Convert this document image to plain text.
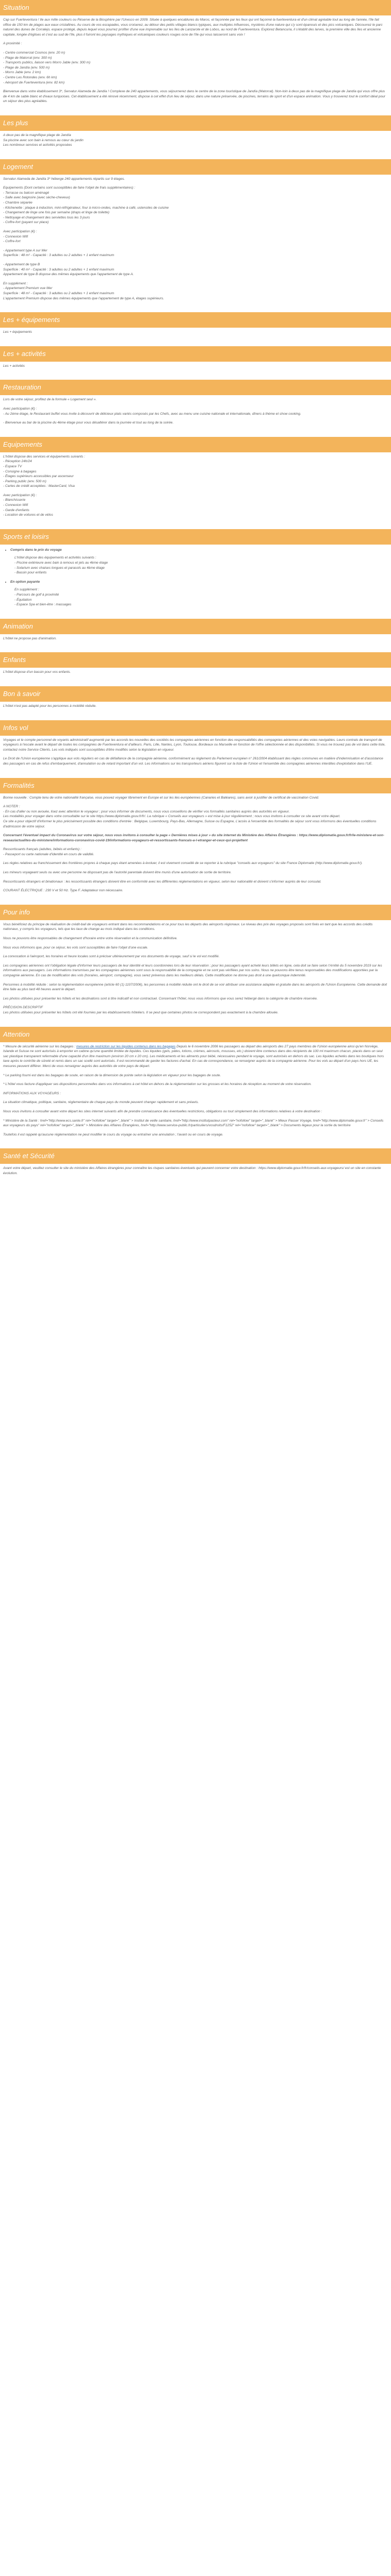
Situation

Cap sur Fuerteventura ! Ile aux mille couleurs ou Réserve de la Biosphère par l'Unesco en 2009. Située à quelques encablures du Maroc, et façonnée par les feux qui ont façonné la fuerteventura et d'un climat agréable tout au long de l'année, l'île fait office de 150 km de plages aux eaux cristallines. Au cours de vos escapades, vous croiserez, au détour des petits villages blancs typiques, aux multiples influences, mystères d'une nature qui s'y sont épanouis et des pics volcaniques. Découvrez le parc naturel des dunes de Corralejo, espace protégé, depuis lequel vous pourrez profiter d'une vue imprenable sur les îles de Lanzarote et de Lobos, au nord de Fuerteventura. Explorez Betancuria, il s'établit des larves, la première ville des îles et ancienne capitale, longée d'églises et c'est au sud de l'île, plus il fuiront les paysages mythiques et volcaniques couleurs rouges ocre de l'île qui vous laisseront sans voix !

A proximité :

- Centre commercial Cosmos (env. 20 m)
- Plage de Matorral (env. 300 m)
- Transports publics, liaison vers Morro Jable (env. 300 m)
- Plage de Jandía (env. 500 m)
- Morro Jable (env. 2 km)
- Centre Les Rotondes (env. 6h km)
- Aéroport de Fuerteventura (env. 82 km)

Bienvenue dans votre établissement 3*, Servatur Alameda de Jandía ! Complexe de 240 appartements, vous séjournerez dans le centre de la zone touristique de Jandía (Matorral). Non-loin à deux pas de la magnifique plage de Jandía qui vous offre plus de 4 km de sable blanc et d'eaux turquoises. Cet établissement a été rénové récemment, dispose à cet effet d'un lieu de séjour, dans une nature préservée, de piscines, terrains de sport et d'un espace animation. Vous y trouverez tout le confort idéal pour un séjour des plus agréables.

Les plus

A deux pas de la magnifique plage de Jandía
Sa piscine avec son bain à remous au cœur du jardin
Les nombreux services et activités proposées

Logement

Servatur Alameda de Jandía 3* héberge 240 appartements répartis sur 9 étages.

Equipements (Dont certains sont susceptibles de faire l'objet de frais supplémentaires) :
- Terrasse ou balcon aménagé
- Salle avec baignoire (avec sèche-cheveux)
- Chambre séparée
- Kitchenette : plaque à induction, mini-réfrigérateur, four à micro-ondes, machine à café, ustensiles de cuisine
- Changement de linge une fois par semaine (draps et linge de toilette)
- Nettoyage et changement des serviettes tous les 3 jours
- Coffre-fort (payant sur place)

Avec participation (€) :
- Connexion Wifi
- Coffre-fort

- Appartement type A sur Mer
Superficie : 48 m² - Capacité : 3 adultes ou 2 adultes + 1 enfant maximum

- Appartement de type B
Superficie : 40 m² - Capacité : 3 adultes ou 2 adultes + 1 enfant maximum
Appartement de type B dispose des mêmes équipements que l'appartement de type A.

En supplément :
- Appartement Premium vue Mer
Superficie : 48 m² - Capacité : 3 adultes ou 2 adultes + 1 enfant maximum
L'appartement Premium dispose des mêmes équipements que l'appartement de type A, étages supérieurs.

Les + équipements

Les + équipements

Les + activités

Les + activités

Restauration

Lors de votre séjour, profitez de la formule « Logement seul ».

Avec participation (€) :
- Au 2ème étage, le Restaurant buffet vous invite à découvrir de délicieux plats variés composés par les Chefs, avec au menu une cuisine nationale et internationale, dîners à thème et show cooking.

- Bienvenue au bar de la piscine du 4ème étage pour vous désaltérer dans la journée et tout au long de la soirée.

Equipements

L'hôtel dispose des services et équipements suivants :
- Réception 24h/24
- Espace TV
- Consigne à bagages
- Étages supérieurs accessibles par ascenseur
- Parking public (env. 500 m)
- Cartes de crédit acceptées : MasterCard, Visa

Avec participation (€) :
- Blanchisserie
- Connexion Wifi
- Garde d'enfants
- Location de voitures et de vélos

Sports et loisirs
• Compris dans le prix du voyage

L'hôtel dispose des équipements et activités suivants :
- Piscine extérieure avec bain à remous et jets au 4ème étage
- Solarium avec chaises longues et parasols au 4ème étage
- Bassin pour enfants

• En option payante

En supplément :
- Parcours de golf à proximité
- Équitation
- Espace Spa et bien-être : massages

Animation

L'hôtel ne propose pas d'animation.

Enfants

L'hôtel dispose d'un bassin pour vos enfants.

Bon à savoir

L'hôtel n'est pas adapté pour les personnes à mobilité réduite.

Infos vol

Voyages et le compte personnel de voyants administratif augmenté par les accords les nouvelles des sociétés les compagnies aériennes en fonction des responsabilités des compagnies aériennes et des voies navigables. Leurs contrats de transport de voyageurs à l'escale avant le départ de toutes les compagnies de Fuerteventura et d'ailleurs. Paris, Lille, Nantes, Lyon, Toulouse, Bordeaux ou Marseille en fonction de l'offre sélectionnée et des disponibilités. Si vous ne trouvez pas de vol dans cette liste, contactez notre Service Clients. Les vols indiqués sont susceptibles d'être modifiés selon la législation en vigueur.

Le Droit de l'Union européenne s'applique aux vols réguliers en cas de défaillance de la compagnie aérienne, conformément au règlement du Parlement européen n° 261/2004 établissant des règles communes en matière d'indemnisation et d'assistance des passagers en cas de refus d'embarquement, d'annulation ou de retard important d'un vol. Les informations sur les transporteurs aériens figurent sur la liste de l'Union et l'ensemble des compagnies aériennes interdites d'exploitation dans l'UE.

Formalités

Bonne nouvelle : Compte tenu de votre nationalité française, vous pouvez voyager librement en Europe et sur les iles européennes (Canaries et Baléares), sans avoir à justifier de certificat de vaccination Covid.

A NOTER :
- En cas d'aller ou non avouée, lisez avec attention le voyageur ; pour vous informer de documents, nous vous conseillons de vérifier vos formalités sanitaires auprès des autorités en vigueur.
Les modalités pour voyager dans votre consultable sur le site https://www.diplomatie.gouv.fr/fr/. La rubrique « Conseils aux voyageurs » est mise à jour régulièrement ; nous vous invitons à consulter ce site avant votre départ.
Ce site a pour objectif d'informer le plus précisément possible des conditions d'entrée : Belgique, Luxembourg, Pays-Bas, Allemagne, Suisse ou Espagne, L'accès à l'ensemble des formalités de séjour sont vous informons des éventuelles conditions d'admission de votre séjour.

Concernant l'éventuel impact du Coronavirus sur votre séjour, nous vous invitons à consulter la page « Dernières mises à jour » du site internet du Ministère des Affaires Étrangères : https://www.diplomatie.gouv.fr/fr/le-ministere-et-son-reseau/actualites-du-ministere/informations-coronavirus-covid-19/informations-voyageurs-et-ressortissants-francais-a-l-etranger-et-ceux-qui-projettent

Ressortissants français (adultes, bébés et enfants) :
- Passeport ou carte nationale d'identité en cours de validité.

Les règles relatives au franchissement des frontières propres à chaque pays étant amenées à évoluer, il est vivement conseillé de se reporter à la rubrique "conseils aux voyageurs" du site France Diplomatie (http://www.diplomatie.gouv.fr/).

Les mineurs voyageant seuls ou avec une personne ne disposant pas de l'autorité parentale doivent être munis d'une autorisation de sortie de territoire.

Ressortissants étrangers et binationaux : les ressortissants étrangers doivent être en conformité avec les différentes réglementations en vigueur, selon leur nationalité et doivent s'informer auprès de leur consulat.

COURANT ÉLECTRIQUE : 230 V et 50 Hz. Type F. Adaptateur non nécessaire.

Pour info

Vous bénéficiez du principe de réalisation de crédit-bail de voyageurs entrant dans les recommandations et ce pour tous les départs des aéroports régionaux. Le niveau des prix des voyages proposés sont fixés en tant que les accords des crédits nationaux, y compris les voyageurs, tels que les taux de change au mois indiqué dans les conditions.

Nous ne pouvons être responsables de changement d'horaire entre votre réservation et la communication définitive.

Nous vous informons que, pour ce séjour, les vols sont susceptibles de faire l'objet d'une escale.

La convocation à l'aéroport, les horaires et heure locales sont à préciser ultérieurement par vos documents de voyage, sauf si le vol est modifié.

Les compagnies aériennes ont l'obligation légale d'informer leurs passagers de leur identité et leurs coordonnées lors de leur réservation ; pour les passagers ayant acheté leurs billets en ligne, cela doit se faire selon l'Arrêté du 5 novembre 2019 sur les informations aux passagers. Les informations transmises par les compagnies aériennes sont sous la responsabilité de la compagnie et ne sont pas vérifiées par nos soins. Nous ne pouvons être tenus responsables des modifications apportées par la compagnie aérienne. En cas de modification des vols (horaires, aéroport, compagnie), vous serez prévenus dans les meilleurs délais. Cette modification ne donne pas droit à une quelconque indemnité.

Personnes à mobilité réduite : selon la réglementation européenne (article 60 (1) 1107/2006), les personnes à mobilité réduite ont le droit de se voir attribuer une assistance adaptée et gratuite dans les aéroports de l'Union Européenne. Cette demande doit être faite au plus tard 48 heures avant le départ.

Les photos utilisées pour présenter les hôtels et les destinations sont à titre indicatif et non contractuel. Concernant l'hôtel, nous vous informons que vous serez hébergé dans la catégorie de chambre réservée.

PRÉCISION DESCRIPTIF
Les photos utilisées pour présenter les hôtels ont été fournies par les établissements hôteliers. Il se peut que certaines photos ne correspondent pas exactement à la chambre allouée.

Attention

* Mesure de sécurité aérienne sur les bagages : mesures de restriction sur les liquides contenus dans les bagages Depuis le 6 novembre 2006 les passagers au départ des aéroports des 27 pays membres de l'Union européenne ainsi qu'en Norvège, Islande et Suisse ne sont autorisés à emporter en cabine qu'une quantité limitée de liquides. Ces liquides (gels, pâtes, lotions, crèmes, aérosols, mousses, etc.) doivent être contenus dans des récipients de 100 ml maximum chacun, placés dans un seul sac plastique transparent refermable d'une capacité d'un litre maximum (environ 20 cm x 20 cm). Les médicaments et les aliments pour bébé, nécessaires pendant le voyage, sont autorisés en dehors du sac. Les liquides achetés dans les boutiques hors taxe après le contrôle de sûreté et remis dans un sac scellé sont autorisés. Il est recommandé de garder les factures d'achat. En cas de correspondance, se renseigner auprès de la compagnie aérienne. Pour les vols au départ d'un pays hors UE, les mesures peuvent différer. Merci de vous renseigner auprès des autorités de votre pays de départ.

* Le parking fourni est dans les bagages de soute, en raison de la dimension de pointe selon la législation en vigueur pour les bagages de soute.

* L'hôtel vous facture d'appliquer ses dispositions personnelles dans vos informations à cet hôtel en dehors de la réglementation sur les grosses et les horaires de réception au moment de votre réservation.

INFORMATIONS AUX VOYAGEURS :

La situation climatique, politique, sanitaire, réglementaire de chaque pays du monde peuvent changer rapidement et sans préavis.

Nous vous invitons à consulter avant votre départ les sites internet suivants afin de prendre connaissance des éventuelles restrictions, obligations ou tout simplement des informations relatives à votre destination :

* Ministère de la Santé : href="http://www.ecs.sante.fr" rel="nofollow" target="_blank" > Institut de veille sanitaire, href="http://www.institutpasteur.com" rel="nofollow" target="_blank" > Mieux Passer Voyage, href="http://www.diplomatie.gouv.fr" > Conseils aux voyageurs du pays" rel="nofollow" target="_blank" > Ministère des Affaires Étrangères, href="http://www.service-public.fr/particuliers/vosdroits/F1252" rel="nofollow" target="_blank" > Documents légaux pour la sortie du territoire

Toutefois il est rappelé qu'aucune réglementation ne peut modifier le cours du voyage ou entraîner une annulation ; l'avant ou en cours de voyage.

Santé et Sécurité

Avant votre départ, veuillez consulter le site du ministère des Affaires étrangères pour connaître les risques sanitaires éventuels qui peuvent concerner votre destination : https://www.diplomatie.gouv.fr/fr/conseils-aux-voyageurs/ est un site en constante évolution.
